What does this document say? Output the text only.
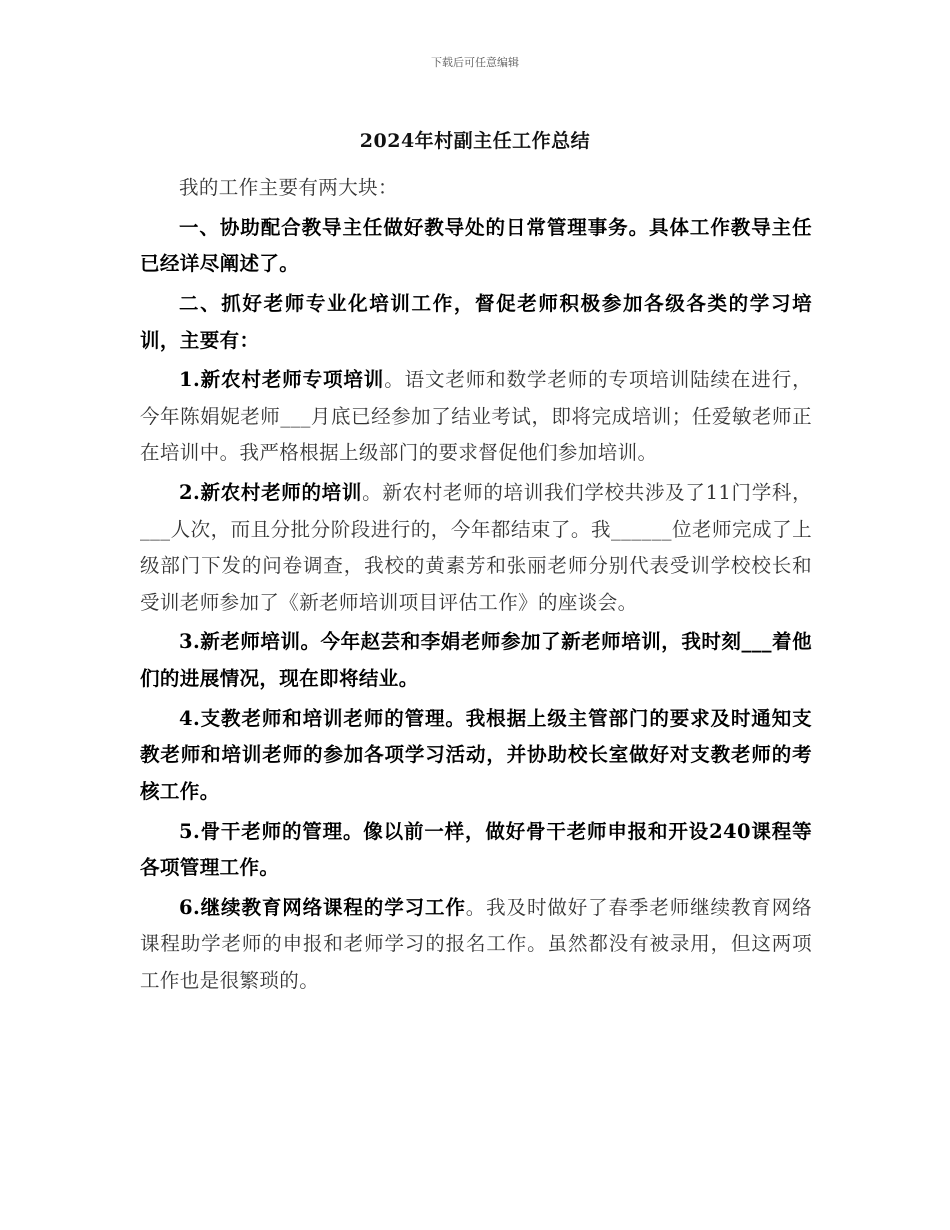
下载后可任意编辑
2024年村副主任工作总结

我的工作主要有两大块：

一、协助配合教导主任做好教导处的日常管理事务。具体工作教导主任已经详尽阐述了。

二、抓好老师专业化培训工作，督促老师积极参加各级各类的学习培训，主要有：

1.新农村老师专项培训。语文老师和数学老师的专项培训陆续在进行，今年陈娟妮老师___月底已经参加了结业考试，即将完成培训；任爱敏老师正在培训中。我严格根据上级部门的要求督促他们参加培训。

2.新农村老师的培训。新农村老师的培训我们学校共涉及了11门学科，___人次，而且分批分阶段进行的，今年都结束了。我______位老师完成了上级部门下发的问卷调查，我校的黄素芳和张丽老师分别代表受训学校校长和受训老师参加了《新老师培训项目评估工作》的座谈会。

3.新老师培训。今年赵芸和李娟老师参加了新老师培训，我时刻___着他们的进展情况，现在即将结业。

4.支教老师和培训老师的管理。我根据上级主管部门的要求及时通知支教老师和培训老师的参加各项学习活动，并协助校长室做好对支教老师的考核工作。

5.骨干老师的管理。像以前一样，做好骨干老师申报和开设240课程等各项管理工作。

6.继续教育网络课程的学习工作。我及时做好了春季老师继续教育网络课程助学老师的申报和老师学习的报名工作。虽然都没有被录用，但这两项工作也是很繁琐的。
